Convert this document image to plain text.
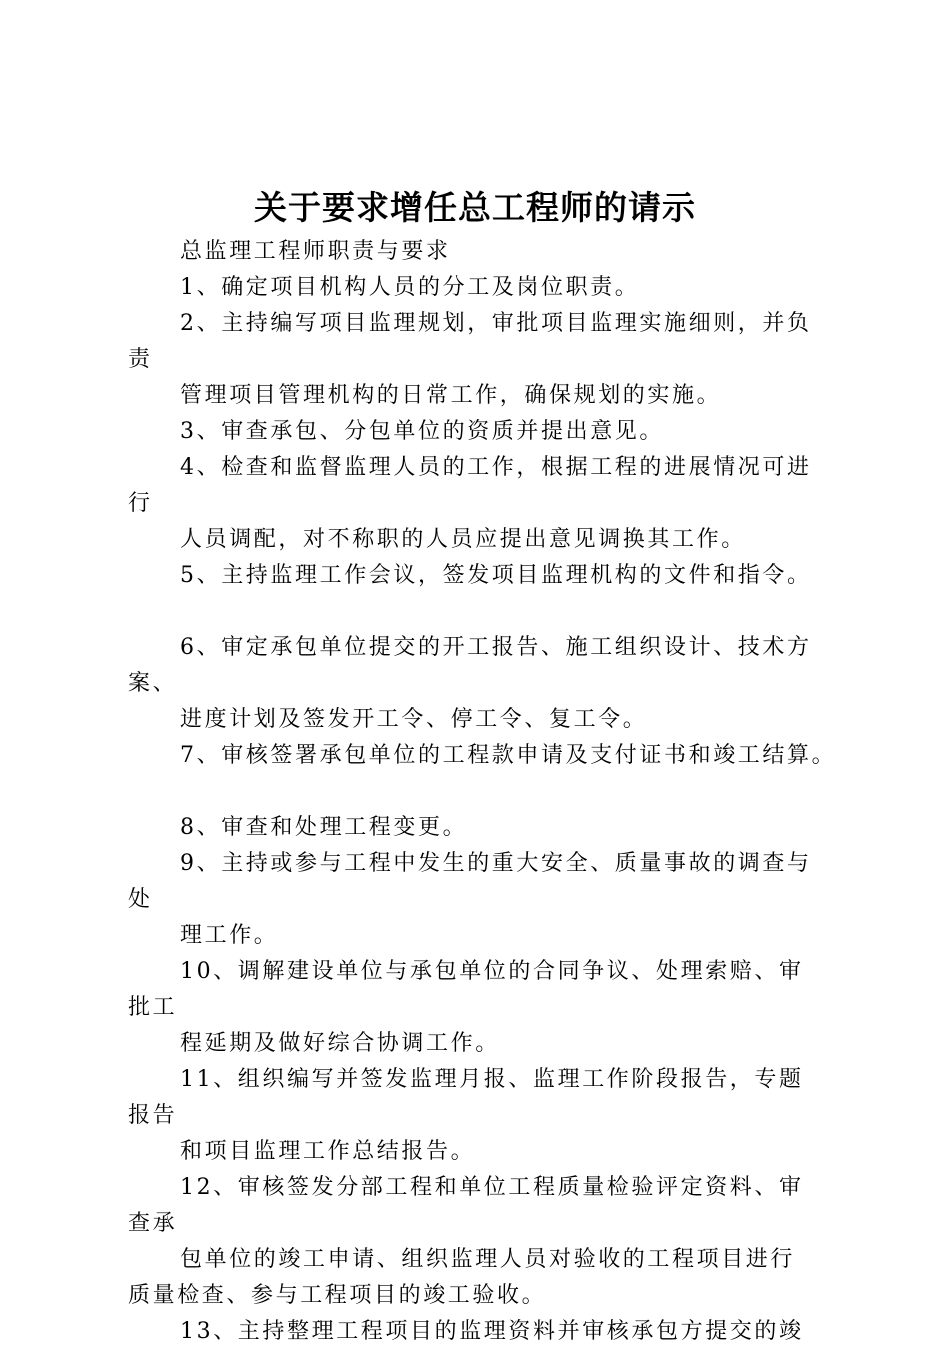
关于要求增任总工程师的请示
总监理工程师职责与要求
1、确定项目机构人员的分工及岗位职责。
2、主持编写项目监理规划，审批项目监理实施细则，并负
责
管理项目管理机构的日常工作，确保规划的实施。
3、审查承包、分包单位的资质并提出意见。
4、检查和监督监理人员的工作，根据工程的进展情况可进
行
人员调配，对不称职的人员应提出意见调换其工作。
5、主持监理工作会议，签发项目监理机构的文件和指令。
6、审定承包单位提交的开工报告、施工组织设计、技术方
案、
进度计划及签发开工令、停工令、复工令。
7、审核签署承包单位的工程款申请及支付证书和竣工结算。
8、审查和处理工程变更。
9、主持或参与工程中发生的重大安全、质量事故的调查与
处
理工作。
10、调解建设单位与承包单位的合同争议、处理索赔、审
批工
程延期及做好综合协调工作。
11、组织编写并签发监理月报、监理工作阶段报告，专题
报告
和项目监理工作总结报告。
12、审核签发分部工程和单位工程质量检验评定资料、审
查承
包单位的竣工申请、组织监理人员对验收的工程项目进行
质量检查、参与工程项目的竣工验收。
13、主持整理工程项目的监理资料并审核承包方提交的竣
